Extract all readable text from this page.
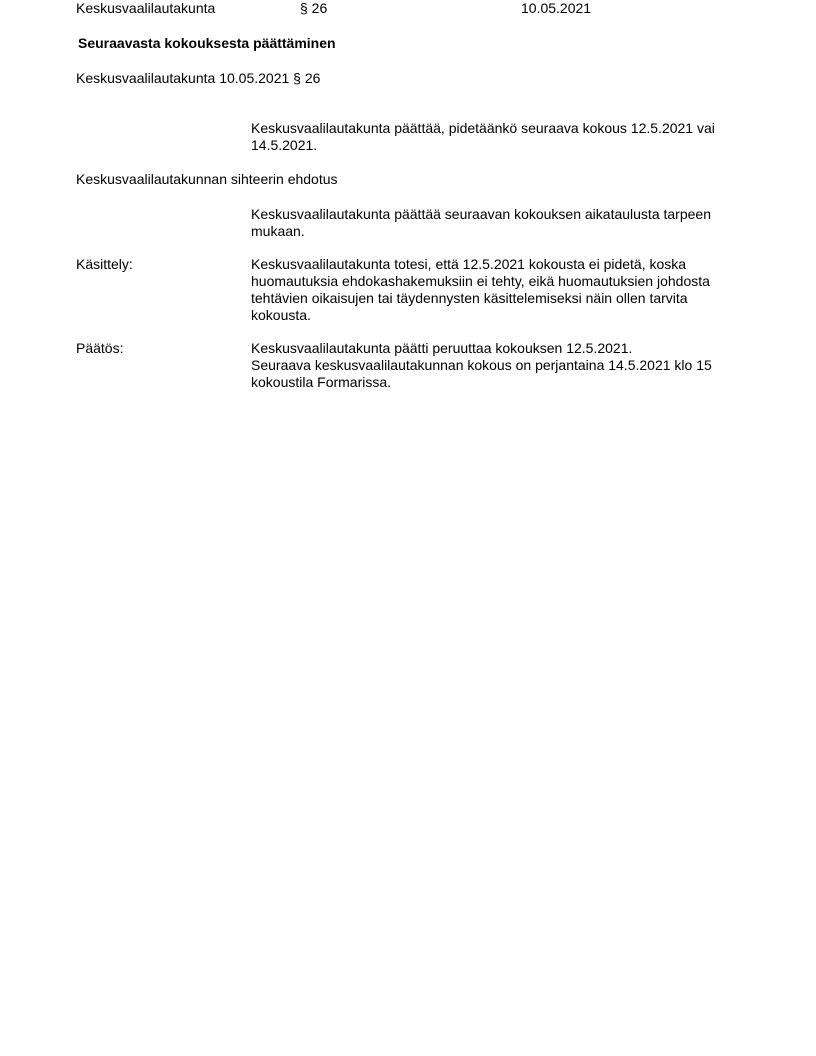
Keskusvaalilautakunta	§ 26	10.05.2021
Seuraavasta kokouksesta päättäminen
Keskusvaalilautakunta 10.05.2021 § 26
Keskusvaalilautakunta päättää, pidetäänkö seuraava kokous 12.5.2021 vai 14.5.2021.
Keskusvaalilautakunnan sihteerin ehdotus
Keskusvaalilautakunta päättää seuraavan kokouksen aikataulusta tarpeen mukaan.
Käsittely:	Keskusvaalilautakunta totesi, että 12.5.2021 kokousta ei pidetä, koska huomautuksia ehdokashakemuksiin ei tehty, eikä huomautuksien johdosta tehtävien oikaisujen tai täydennysten käsittelemiseksi näin ollen tarvita kokousta.
Päätös:	Keskusvaalilautakunta päätti peruuttaa kokouksen 12.5.2021.
Seuraava keskusvaalilautakunnan kokous on perjantaina 14.5.2021 klo 15 kokoustila Formarissa.
